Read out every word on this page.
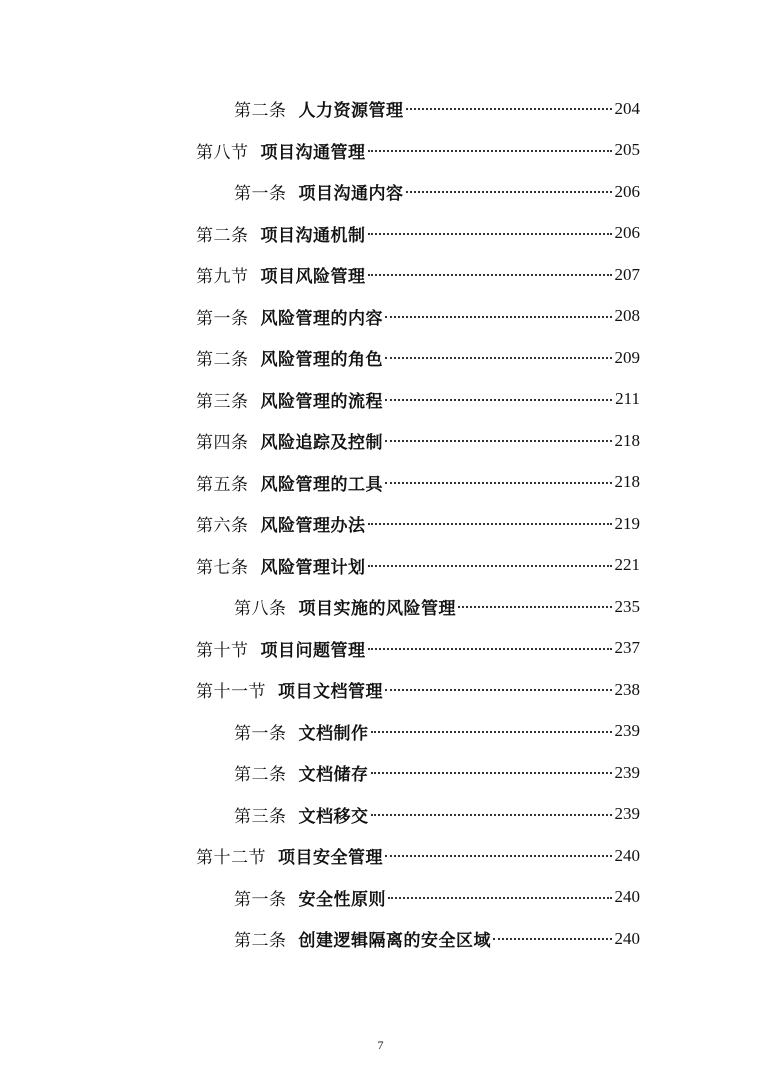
第二条 人力资源管理	204
第八节 项目沟通管理	205
第一条 项目沟通内容	206
第二条 项目沟通机制	206
第九节 项目风险管理	207
第一条 风险管理的内容	208
第二条 风险管理的角色	209
第三条 风险管理的流程	211
第四条 风险追踪及控制	218
第五条 风险管理的工具	218
第六条 风险管理办法	219
第七条 风险管理计划	221
第八条 项目实施的风险管理	235
第十节 项目问题管理	237
第十一节 项目文档管理	238
第一条 文档制作	239
第二条 文档储存	239
第三条 文档移交	239
第十二节 项目安全管理	240
第一条 安全性原则	240
第二条 创建逻辑隔离的安全区域	240
7
